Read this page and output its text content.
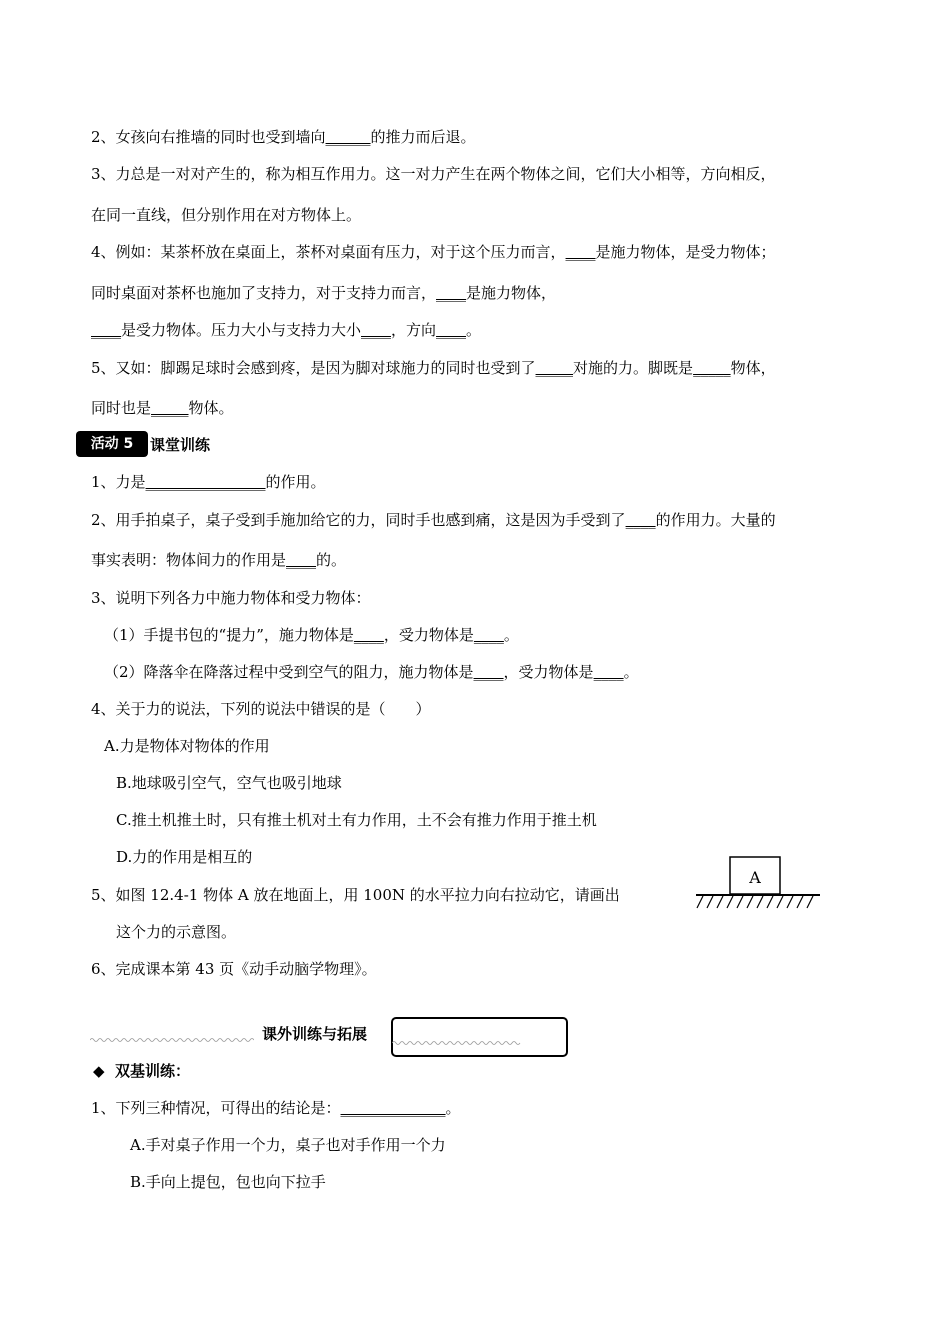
2、女孩向右推墙的同时也受到墙向______的推力而后退。
3、力总是一对对产生的，称为相互作用力。这一对力产生在两个物体之间，它们大小相等，方向相反，
在同一直线，但分别作用在对方物体上。
4、例如：某茶杯放在桌面上，茶杯对桌面有压力，对于这个压力而言，____是施力物体，是受力物体；
同时桌面对茶杯也施加了支持力，对于支持力而言，____是施力物体，
____是受力物体。压力大小与支持力大小____，方向____。
5、又如：脚踢足球时会感到疼，是因为脚对球施力的同时也受到了_____对施的力。脚既是_____物体，
同时也是_____物体。
活动 5	课堂训练
1、力是________________的作用。
2、用手拍桌子，桌子受到手施加给它的力，同时手也感到痛，这是因为手受到了____的作用力。大量的
事实表明：物体间力的作用是____的。
3、说明下列各力中施力物体和受力物体：
（1）手提书包的“提力”，施力物体是____，受力物体是____。
（2）降落伞在降落过程中受到空气的阻力，施力物体是____，受力物体是____。
4、关于力的说法，下列的说法中错误的是（　　）
A.力是物体对物体的作用
B.地球吸引空气，空气也吸引地球
C.推土机推土时，只有推土机对土有力作用，土不会有推力作用于推土机
D.力的作用是相互的
5、如图 12.4-1 物体 A 放在地面上，用 100N 的水平拉力向右拉动它，请画出
这个力的示意图。
A
6、完成课本第 43 页《动手动脑学物理》。
课外训练与拓展
◆ 双基训练：
1、下列三种情况，可得出的结论是：______________。
A.手对桌子作用一个力，桌子也对手作用一个力
B.手向上提包，包也向下拉手
